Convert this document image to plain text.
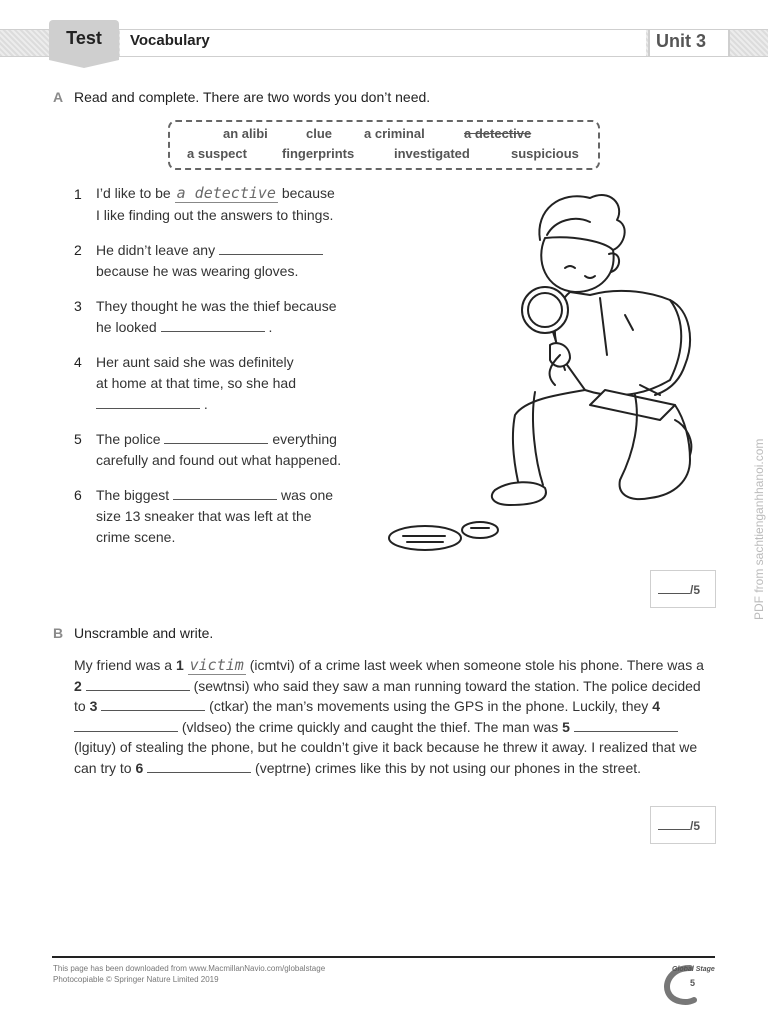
Test	Vocabulary	Unit 3
A Read and complete. There are two words you don’t need.
an alibi	clue a criminal	a detective
a suspect	fingerprints	investigated	suspicious
1 I’d like to be a detective because
I like finding out the answers to things.
2 He didn’t leave any
because he was wearing gloves.
3 They thought he was the thief because
he looked	.
4 Her aunt said she was definitely
at home at that time, so she had
.
5 The police	everything
carefully and found out what happened.
6 The biggest	was one
size 13 sneaker that was left at the
crime scene.
/5
B Unscramble and write.
My friend was a 1 victim (icmtvi) of a crime last week when someone stole his phone. There was a 2	(sewtnsi) who said they saw a man running toward the station. The police decided to 3	(ctkar) the man’s movements using the GPS in the phone. Luckily, they 4  (vldseo) the crime quickly and caught the thief. The man was 5  (lgituy) of stealing the phone, but he couldn’t give it back because he threw it away. I realized that we can try to 6	(veptrne) crimes like this by not using our phones in the street.
/5
This page has been downloaded from www.MacmillanNavio.com/globalstage
Photocopiable © Springer Nature Limited 2019
Global Stage
5
PDF from sachtienganhhanoi.com
